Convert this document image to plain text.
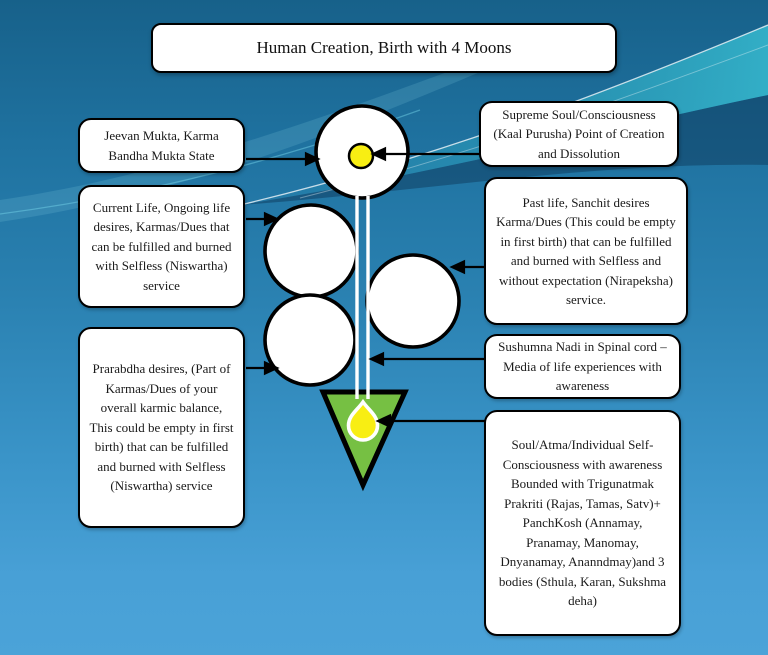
Human Creation, Birth with 4 Moons
Jeevan Mukta, Karma Bandha Mukta State
Current Life, Ongoing life desires, Karmas/Dues that can be fulfilled and burned with Selfless (Niswartha) service
Prarabdha desires, (Part of Karmas/Dues of your overall karmic balance, This could be empty in first birth) that can be fulfilled and burned with Selfless (Niswartha) service
Supreme Soul/Consciousness (Kaal Purusha) Point of Creation and Dissolution
Past life, Sanchit desires Karma/Dues (This could be empty in first birth) that can be fulfilled and burned with Selfless and without expectation (Nirapeksha) service.
Sushumna Nadi in Spinal cord – Media of life experiences with awareness
Soul/Atma/Individual Self-Consciousness with awareness Bounded with Trigunatmak Prakriti (Rajas, Tamas, Satv)+ PanchKosh (Annamay, Pranamay, Manomay, Dnyanamay, Ananndmay)and 3 bodies (Sthula, Karan, Sukshma deha)
